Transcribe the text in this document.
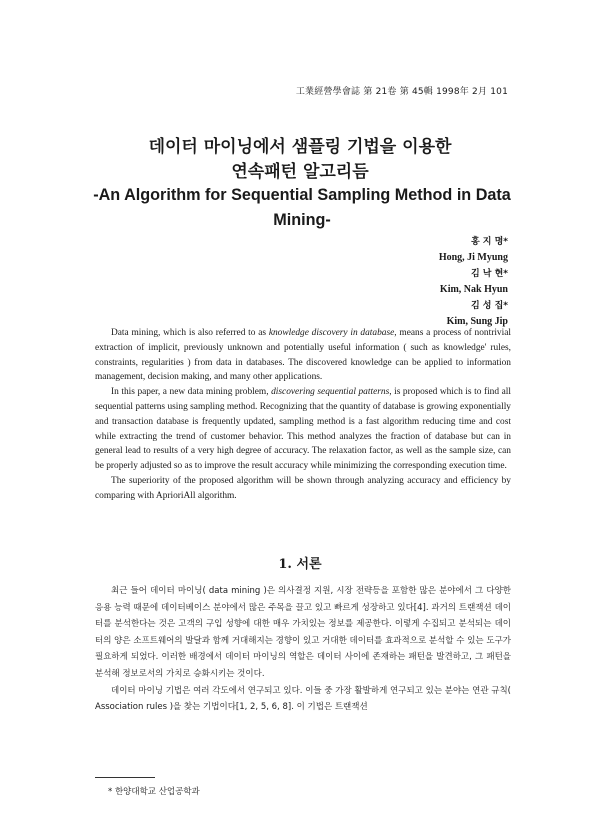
工業經營學會誌 第 21卷 第 45輯 1998年 2月 101
데이터 마이닝에서 샘플링 기법을 이용한
연속패턴 알고리듬
-An Algorithm for Sequential Sampling Method in Data Mining-
홍 지 명*
Hong, Ji Myung
김 낙 현*
Kim, Nak Hyun
김 성 집*
Kim, Sung Jip

Data mining, which is also referred to as knowledge discovery in database, means a process of nontrivial extraction of implicit, previously unknown and potentially useful information ( such as knowledge' rules, constraints, regularities ) from data in databases. The discovered knowledge can be applied to information management, decision making, and many other applications.

In this paper, a new data mining problem, discovering sequential patterns, is proposed which is to find all sequential patterns using sampling method. Recognizing that the quantity of database is growing exponentially and transaction database is frequently updated, sampling method is a fast algorithm reducing time and cost while extracting the trend of customer behavior. This method analyzes the fraction of database but can in general lead to results of a very high degree of accuracy. The relaxation factor, as well as the sample size, can be properly adjusted so as to improve the result accuracy while minimizing the corresponding execution time.

The superiority of the proposed algorithm will be shown through analyzing accuracy and efficiency by comparing with AprioriAll algorithm.

1. 서론

최근 들어 데이터 마이닝( data mining )은 의사결정 지원, 시장 전략등을 포함한 많은 분야에서 그 다양한 응용 능력 때문에 데이터베이스 분야에서 많은 주목을 끌고 있고 빠르게 성장하고 있다[4]. 과거의 트랜잭션 데이터를 분석한다는 것은 고객의 구입 성향에 대한 매우 가치있는 정보를 제공한다. 이렇게 수집되고 분석되는 데이터의 양은 소프트웨어의 발달과 함께 거대해지는 경향이 있고 거대한 데이터를 효과적으로 분석할 수 있는 도구가 필요하게 되었다. 이러한 배경에서 데이터 마이닝의 역할은 데이터 사이에 존재하는 패턴을 발견하고, 그 패턴을 분석해 정보로서의 가치로 승화시키는 것이다.

데이터 마이닝 기법은 여러 각도에서 연구되고 있다. 이들 중 가장 활발하게 연구되고 있는 분야는 연관 규칙( Association rules )을 찾는 기법이다[1, 2, 5, 6, 8]. 이 기법은 트랜잭션

* 한양대학교 산업공학과
